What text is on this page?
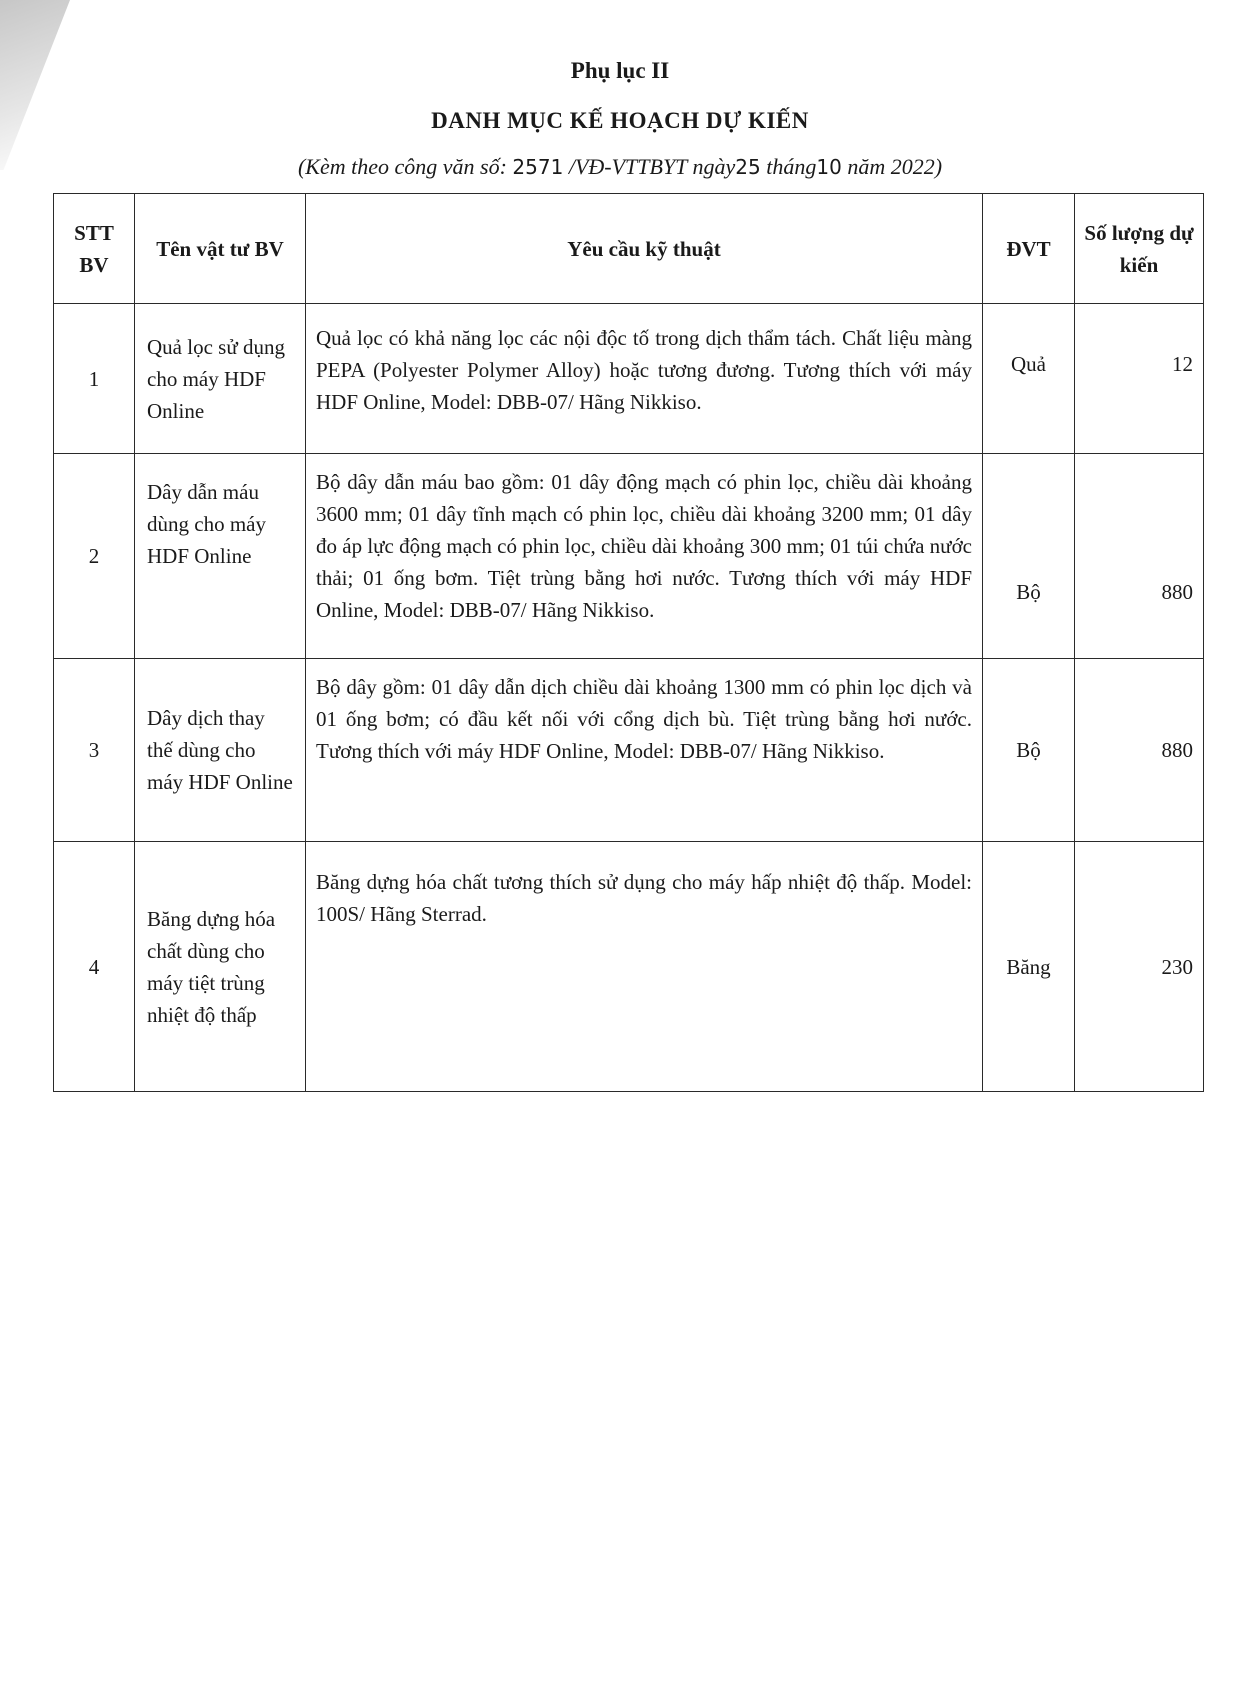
Phụ lục II
DANH MỤC KẾ HOẠCH DỰ KIẾN
(Kèm theo công văn số: 2571 /VĐ-VTTBYT ngày25 tháng10 năm 2022)
STT BV	Tên vật tư BV	Yêu cầu kỹ thuật	ĐVT	Số lượng dự kiến
1	Quả lọc sử dụng cho máy HDF Online	Quả lọc có khả năng lọc các nội độc tố trong dịch thẩm tách. Chất liệu màng PEPA (Polyester Polymer Alloy) hoặc tương đương. Tương thích với máy HDF Online, Model: DBB-07/ Hãng Nikkiso.	Quả	12
2	Dây dẫn máu dùng cho máy HDF Online	Bộ dây dẫn máu bao gồm: 01 dây động mạch có phin lọc, chiều dài khoảng 3600 mm; 01 dây tĩnh mạch có phin lọc, chiều dài khoảng 3200 mm; 01 dây đo áp lực động mạch có phin lọc, chiều dài khoảng 300 mm; 01 túi chứa nước thải; 01 ống bơm. Tiệt trùng bằng hơi nước. Tương thích với máy HDF Online, Model: DBB-07/ Hãng Nikkiso.	Bộ	880
3	Dây dịch thay thế dùng cho máy HDF Online	Bộ dây gồm: 01 dây dẫn dịch chiều dài khoảng 1300 mm có phin lọc dịch và 01 ống bơm; có đầu kết nối với cổng dịch bù. Tiệt trùng bằng hơi nước. Tương thích với máy HDF Online, Model: DBB-07/ Hãng Nikkiso.	Bộ	880
4	Băng dựng hóa chất dùng cho máy tiệt trùng nhiệt độ thấp	Băng dựng hóa chất tương thích sử dụng cho máy hấp nhiệt độ thấp. Model: 100S/ Hãng Sterrad.	Băng	230
